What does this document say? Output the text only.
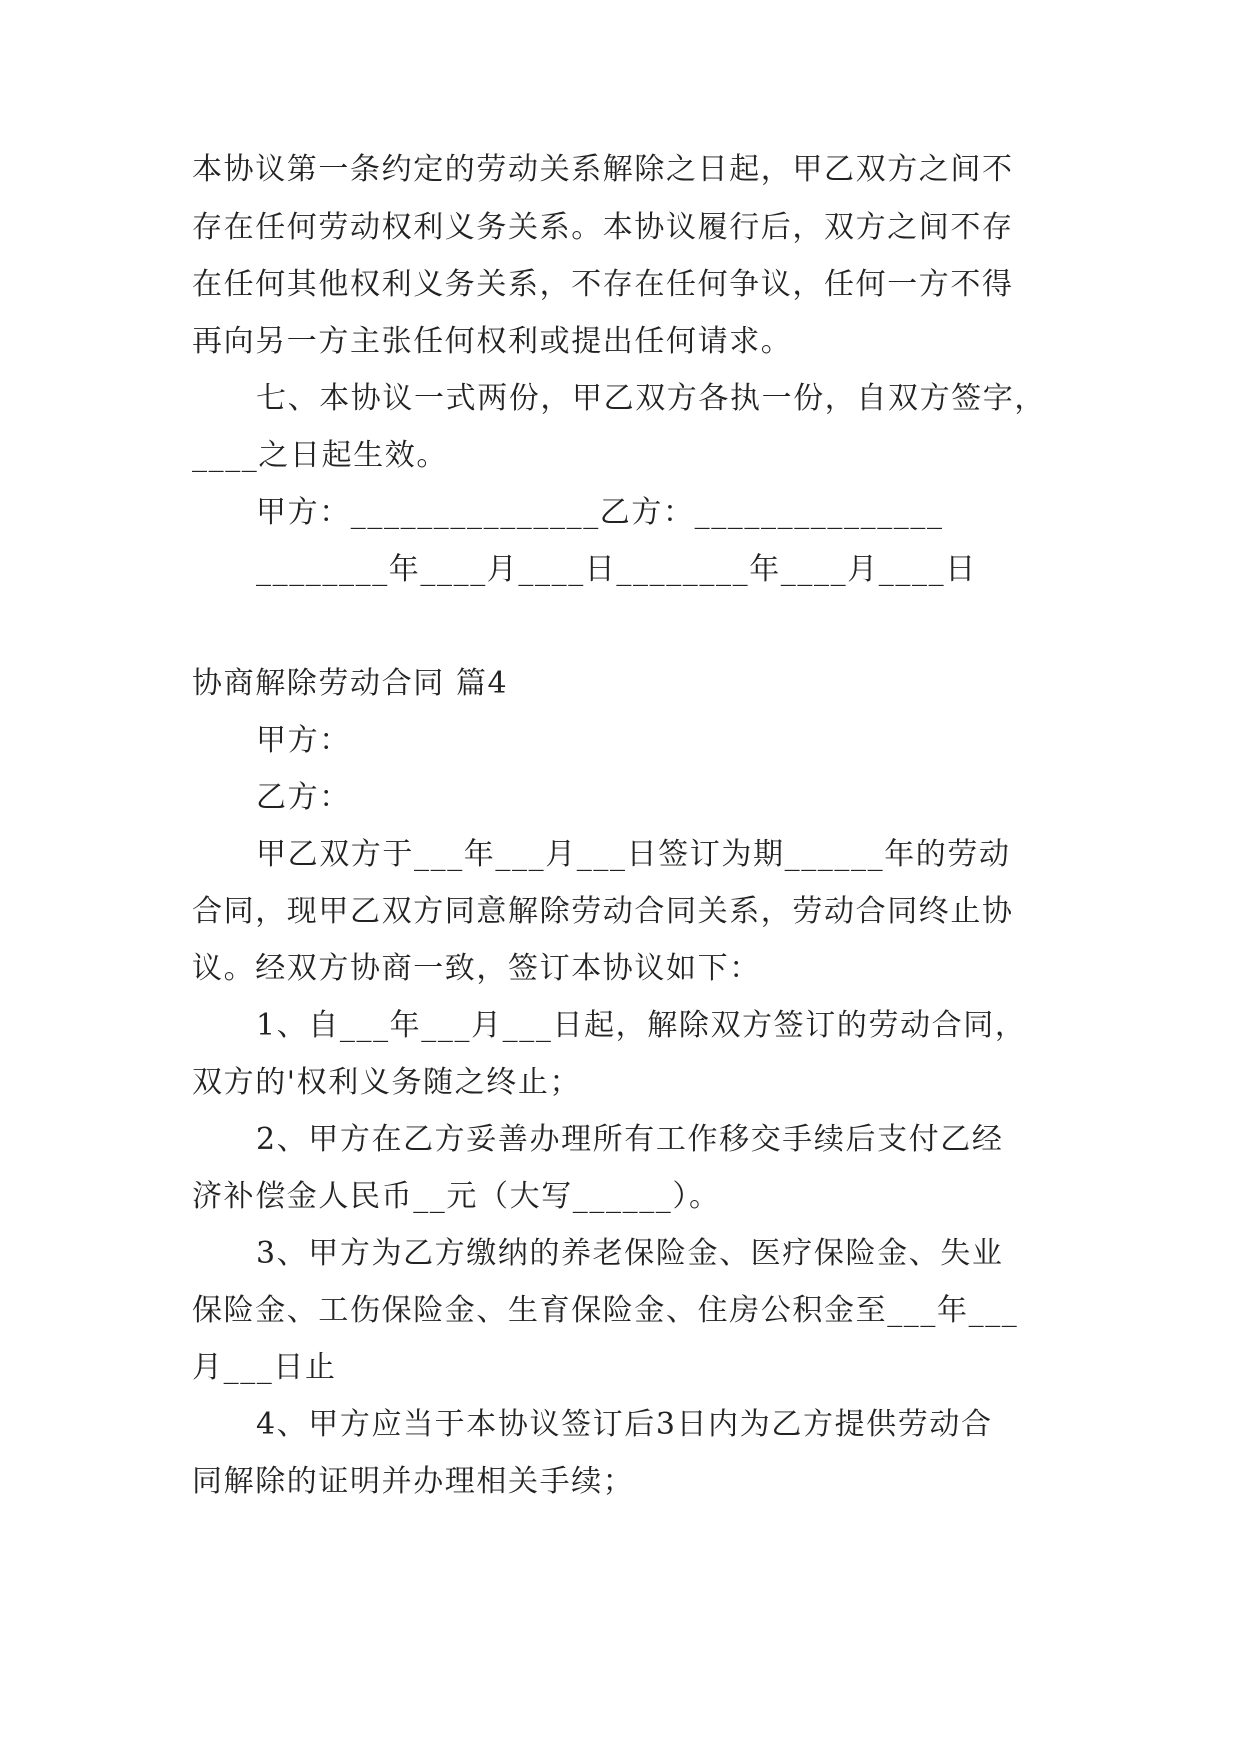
本协议第一条约定的劳动关系解除之日起，甲乙双方之间不
存在任何劳动权利义务关系。本协议履行后，双方之间不存
在任何其他权利义务关系，不存在任何争议，任何一方不得
再向另一方主张任何权利或提出任何请求。
七、本协议一式两份，甲乙双方各执一份，自双方签字，
____之日起生效。
甲方：_______________乙方：_______________
________年____月____日________年____月____日
协商解除劳动合同 篇4
甲方：
乙方：
甲乙双方于___年___月___日签订为期______年的劳动
合同，现甲乙双方同意解除劳动合同关系，劳动合同终止协
议。经双方协商一致，签订本协议如下：
1、自___年___月___日起，解除双方签订的劳动合同，
双方的'权利义务随之终止；
2、甲方在乙方妥善办理所有工作移交手续后支付乙经
济补偿金人民币__元（大写______）。
3、甲方为乙方缴纳的养老保险金、医疗保险金、失业
保险金、工伤保险金、生育保险金、住房公积金至___年___
月___日止
4、甲方应当于本协议签订后3日内为乙方提供劳动合
同解除的证明并办理相关手续；
